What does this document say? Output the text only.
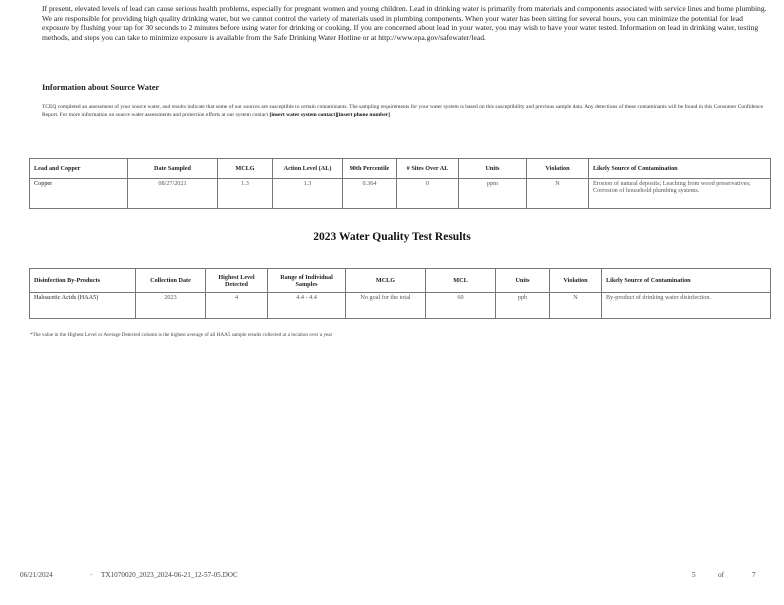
If present, elevated levels of lead can cause serious health problems, especially for pregnant women and young children. Lead in drinking water is primarily from materials and components associated with service lines and home plumbing. We are responsible for providing high quality drinking water, but we cannot control the variety of materials used in plumbing components. When your water has been sitting for several hours, you can minimize the potential for lead exposure by flushing your tap for 30 seconds to 2 minutes before using water for drinking or cooking. If you are concerned about lead in your water, you may wish to have your water tested. Information on lead in drinking water, testing methods, and steps you can take to minimize exposure is available from the Safe Drinking Water Hotline or at http://www.epa.gov/safewater/lead.

Information about Source Water

TCEQ completed an assessment of your source water, and results indicate that some of our sources are susceptible to certain contaminants. The sampling requirements for your water system is based on this susceptibility and previous sample data. Any detections of these contaminants will be found in this Consumer Confidence Report. For more information on source water assessments and protection efforts at our system contact [insert water system contact][insert phone number]

Lead and Copper	Date Sampled	MCLG	Action Level (AL)	90th Percentile	# Sites Over AL	Units	Violation	Likely Source of Contamination
Copper	08/27/2021	1.3	1.3	0.364	0	ppm	N	Erosion of natural deposits; Leaching from wood preservatives; Corrosion of household plumbing systems.

2023 Water Quality Test Results

Disinfection By-Products	Collection Date	Highest Level Detected	Range of Individual Samples	MCLG	MCL	Units	Violation	Likely Source of Contamination
Haloacetic Acids (HAA5)	2023	4	4.4 - 4.4	No goal for the total	60	ppb	N	By-product of drinking water disinfection.

*The value in the Highest Level or Average Detected column is the highest average of all HAA5 sample results collected at a location over a year

06/21/2024	· TX1070020_2023_2024-06-21_12-57-05.DOC	5	of	7
